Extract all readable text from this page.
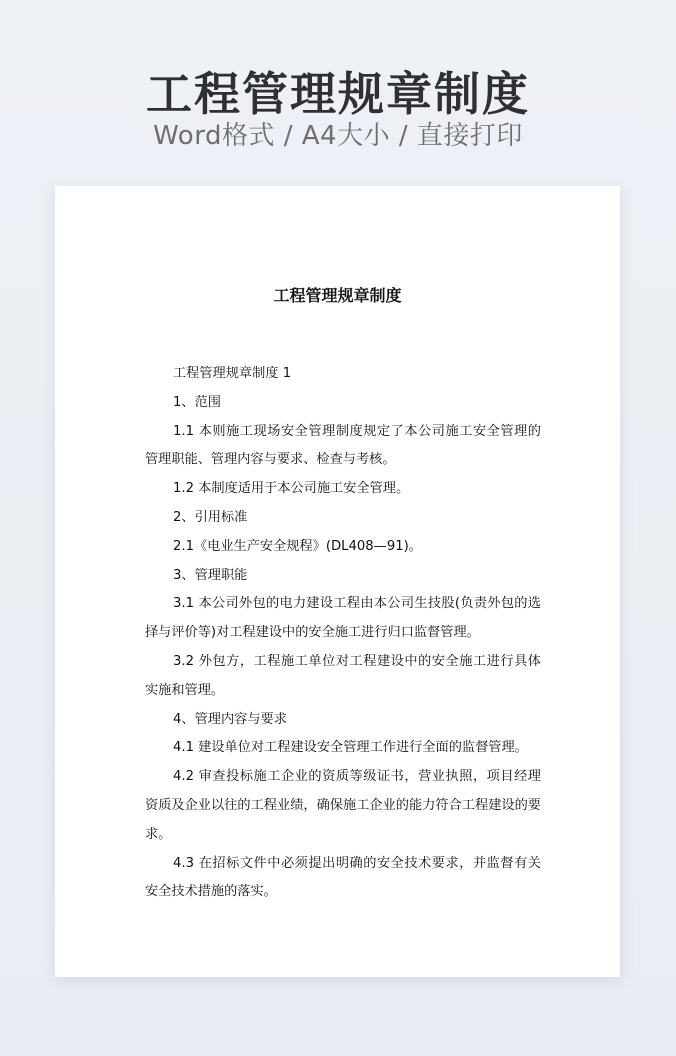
工程管理规章制度
Word格式 / A4大小 / 直接打印
工程管理规章制度

工程管理规章制度 1

1、范围

1.1 本则施工现场安全管理制度规定了本公司施工安全管理的管理职能、管理内容与要求、检查与考核。

1.2 本制度适用于本公司施工安全管理。

2、引用标准

2.1《电业生产安全规程》(DL408—91)。

3、管理职能

3.1 本公司外包的电力建设工程由本公司生技股(负责外包的选择与评价等)对工程建设中的安全施工进行归口监督管理。

3.2 外包方，工程施工单位对工程建设中的安全施工进行具体实施和管理。

4、管理内容与要求

4.1 建设单位对工程建设安全管理工作进行全面的监督管理。

4.2 审查投标施工企业的资质等级证书，营业执照，项目经理资质及企业以往的工程业绩，确保施工企业的能力符合工程建设的要求。

4.3 在招标文件中必须提出明确的安全技术要求，并监督有关安全技术措施的落实。
